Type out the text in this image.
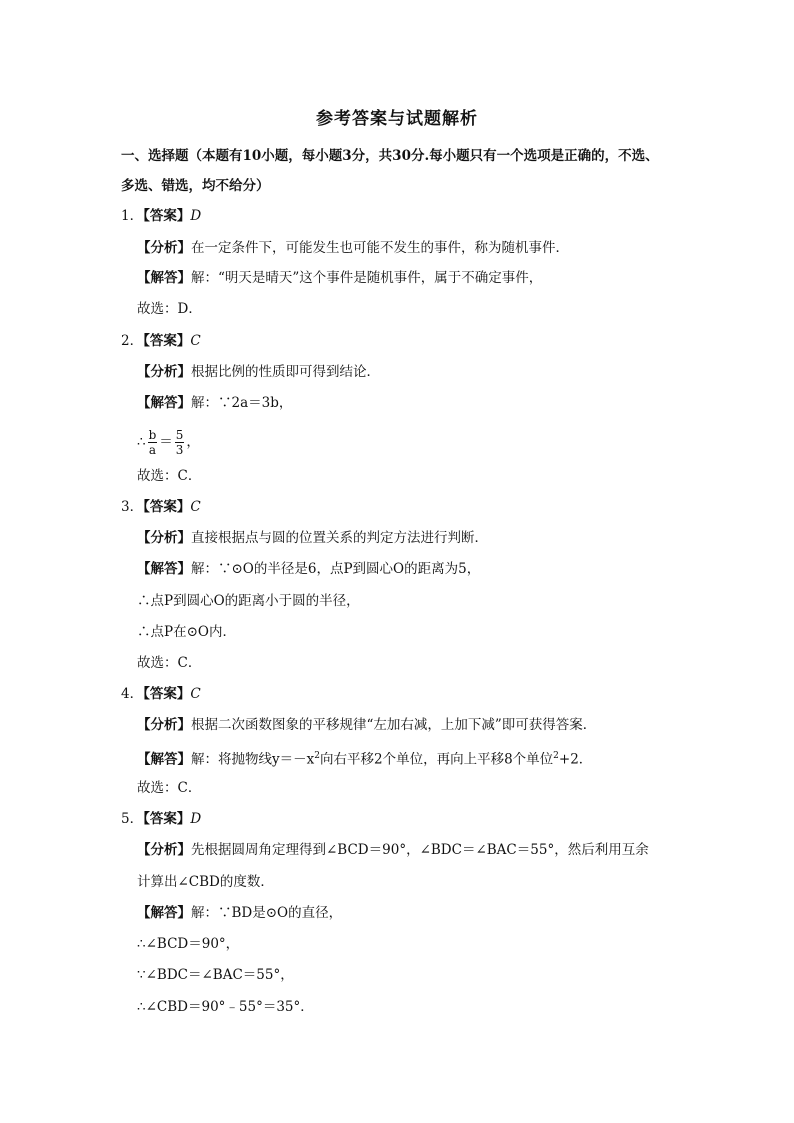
参考答案与试题解析
一、选择题（本题有10小题，每小题3分，共30分.每小题只有一个选项是正确的，不选、
多选、错选，均不给分）
1．【答案】D
【分析】在一定条件下，可能发生也可能不发生的事件，称为随机事件．
【解答】解：“明天是晴天”这个事件是随机事件，属于不确定事件，
故选：D．
2．【答案】C
【分析】根据比例的性质即可得到结论．
【解答】解：∵2a＝3b，
∴ $\frac{b}{a} = \frac{5}{3}$ ，
故选：C．
3．【答案】C
【分析】直接根据点与圆的位置关系的判定方法进行判断．
【解答】解：∵⊙O的半径是6，点P到圆心O的距离为5，
∴点P到圆心O的距离小于圆的半径，
∴点P在⊙O内．
故选：C．
4．【答案】C
【分析】根据二次函数图象的平移规律“左加右减，上加下减”即可获得答案．
【解答】解：将抛物线$y=-x^2$向右平移2个单位，再向上平移8个单位$^2$+2．
故选：C．
5．【答案】D
【分析】先根据圆周角定理得到∠BCD＝90°，∠BDC＝∠BAC＝55°，然后利用互余
计算出∠CBD的度数．
【解答】解：∵BD是⊙O的直径，
∴∠BCD＝90°，
∵∠BDC＝∠BAC＝55°，
∴∠CBD＝90°﹣55°＝35°．
